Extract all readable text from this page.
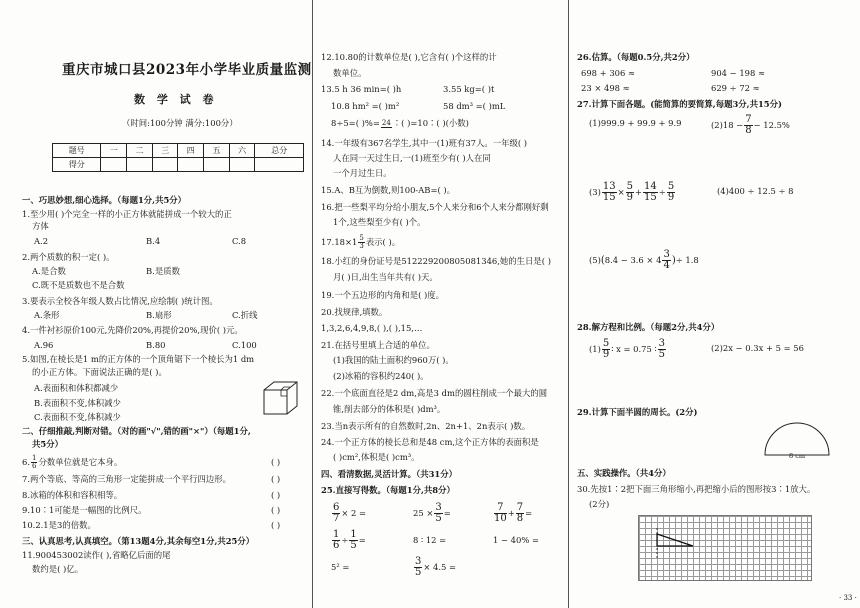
重庆市城口县2023年小学毕业质量监测
数 学 试 卷
（时间:100分钟 满分:100分）
题号	一	二	三	四	五	六	总分
得分							
一、巧思妙想,细心选择。（每题1分,共5分）
1.至少用( )个完全一样的小正方体就能拼成一个较大的正
方体
A.2	B.4	C.8
2.两个质数的积一定( )。
A.是合数	B.是质数
C.既不是质数也不是合数
3.要表示全校各年级人数占比情况,应绘制( )统计图。
A.条形	B.扇形	C.折线
4.一件衬衫原价100元,先降价20%,再提价20%,现价( )元。
A.96	B.80	C.100
5.如图,在棱长是1 m的正方体的一个顶角锯下一个棱长为1 dm
的小正方体。下面说法正确的是( )。
A.表面积和体积都减少
B.表面积不变,体积减少
C.表面积不变,体积减少
二、仔细推敲,判断对错。（对的画"√",错的画"×"）（每题1分,
共5分）
6. $\frac{1}{6}$ 分数单位就是它本身。	( )
7.两个等底、等高的三角形一定能拼成一个平行四边形。	( )
8.冰箱的体积和容积相等。	( )
9.10∶1可能是一幅图的比例尺。	( )
10.2.1是3的倍数。	( )
三、认真思考,认真填空。（第13题4分,其余每空1分,共25分）
11.900453002读作( ),省略亿后面的尾
数约是( )亿。
12.10.80的计数单位是( ),它含有( )个这样的计
数单位。
13.5 h 36 min=( )h	3.55 kg=( )t
10.8 hm² =( )m²	58 dm³ =( )mL
8÷5=( )%= 24 ∶( )=10∶( )(小数)
14.一年级有367名学生,其中一(1)班有37人。一年级( )
人在同一天过生日,一(1)班至少有( )人在同
一个月过生日。
15.A、B互为倒数,则100-AB=( )。
16.把一些梨平均分给小朋友,5个人来分和6个人来分都刚好剩
1个,这些梨至少有( )个。
$17.18\times 1 \frac{5}{3}$ 表示( )。
18.小红的身份证号是512229200805081346,她的生日是( )
月( )日,出生当年共有( )天。
19.一个五边形的内角和是( )度。
20.找规律,填数。
1,3,2,6,4,9,8,( ),( ),15,…
21.在括号里填上合适的单位。
(1)我国的陆土面积约960万( )。
(2)冰箱的容积约240( )。
22.一个底面直径是2 dm,高是3 dm的圆柱削成一个最大的圆
锥,削去部分的体积是( )dm³。
23.当n表示所有的自然数时,2n、2n+1、2n表示( )数。
24.一个正方体的棱长总和是48 cm,这个正方体的表面积是
( )cm²,体积是( )cm³。
四、看清数据,灵活计算。（共31分）
25.直接写得数。（每题1分,共8分）
$\frac{6}{7} \times 2$ =	$25 \times \frac{3}{5}$ =	$\frac{7}{10} + \frac{7}{8}$ =
$\frac{1}{6} \div \frac{1}{5}$ =	8 ∶ 12 =	1 − 40% =
5² =	$\frac{3}{5} \times 4.5$ =
26.估算。（每题0.5分,共2分）
698 + 306 ≈	904 − 198 ≈
23 × 498 ≈	629 ÷ 72 ≈
27.计算下面各题。(能简算的要简算,每题3分,共15分)
(1)999.9 + 99.9 + 9.9	$(2)18 - \frac{7}{8} - 12.5\%$
$(3) \frac{13}{15} \times \frac{5}{9} + \frac{14}{15} \div \frac{5}{9}$	(4)400 ÷ 12.5 ÷ 8
$(5)(8.4 - 3.6 \times 4 \frac{3}{4}$ )÷ 1.8
28.解方程和比例。（每题2分,共4分）
$(1) \frac{5}{9}$ ∶ x = 0.75 ∶ $\frac{3}{5}$	(2)2x − 0.3x + 5 = 56
29.计算下面半圆的周长。(2分)
8 cm
五、实践操作。（共4分）
30.先按1∶2把下面三角形缩小,再把缩小后的图形按3∶1放大。
(2分)
· 33 ·
